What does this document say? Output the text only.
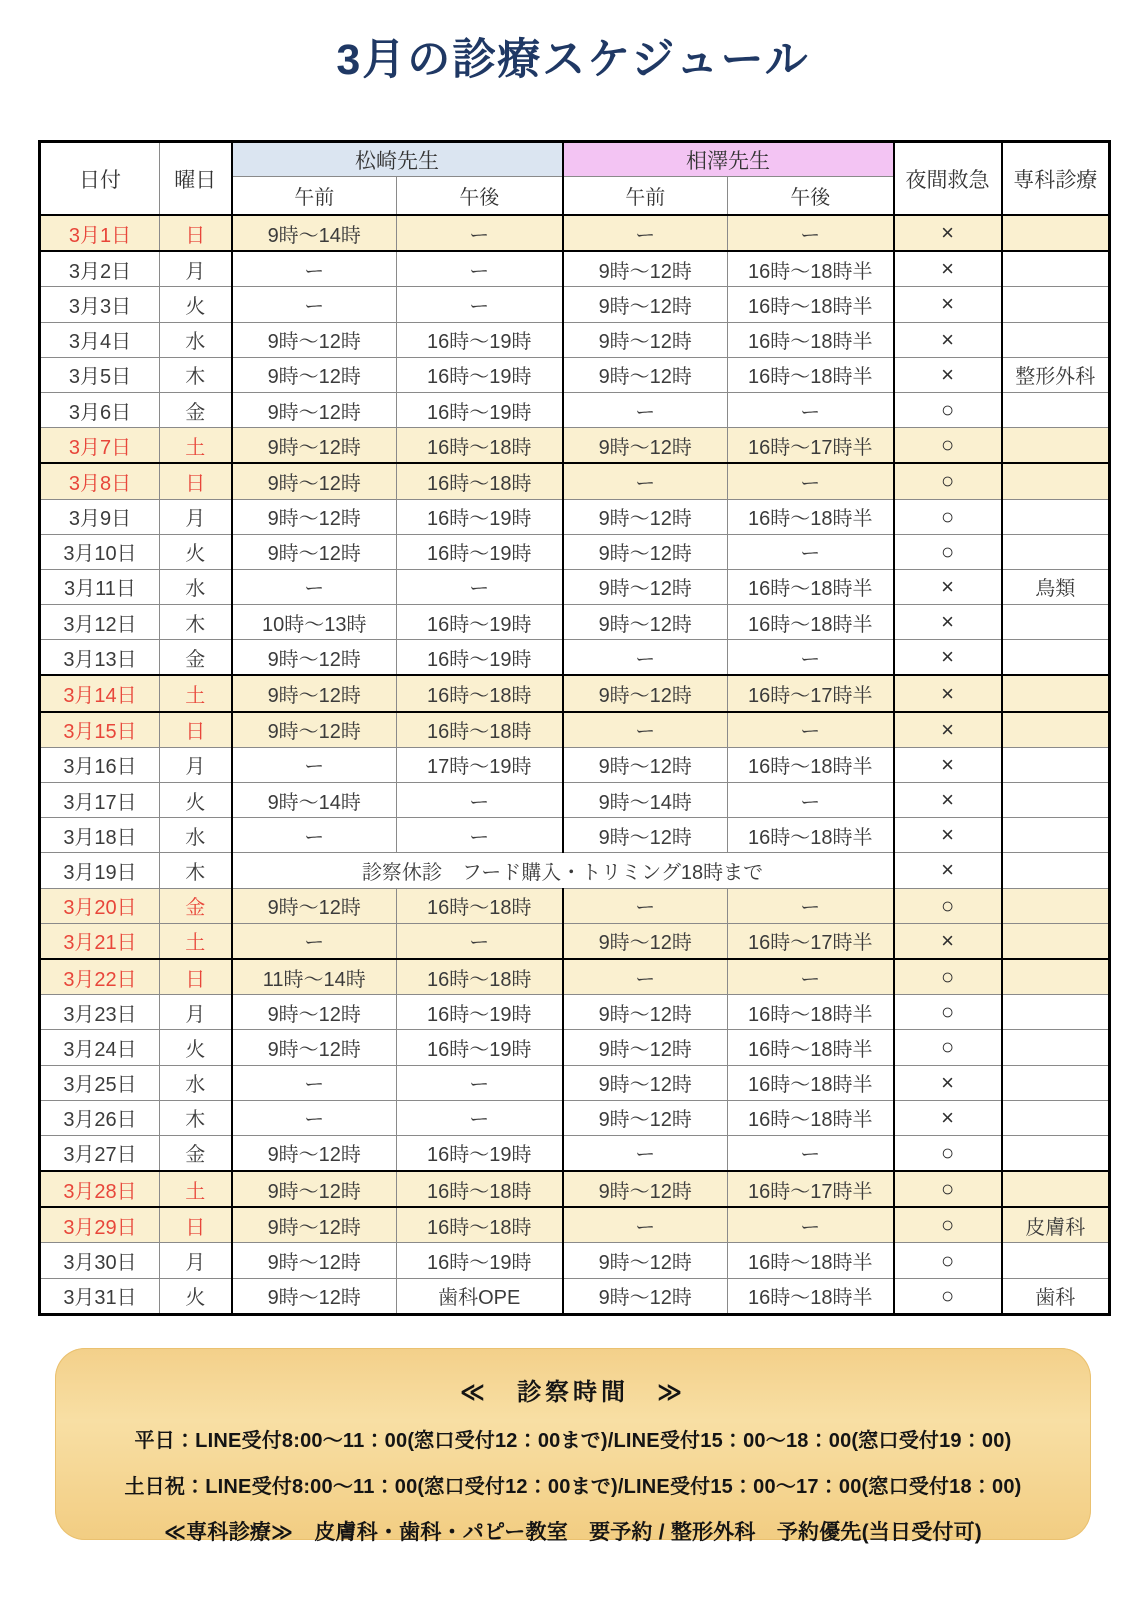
3月の診療スケジュール
日付	曜日	松崎先生		相澤先生		夜間救急	専科診療
		午前	午後	午前	午後		
3月1日	日	9時～14時	ー	ー	ー	×	
3月2日	月	ー	ー	9時～12時	16時～18時半	×	
3月3日	火	ー	ー	9時～12時	16時～18時半	×	
3月4日	水	9時～12時	16時～19時	9時～12時	16時～18時半	×	
3月5日	木	9時～12時	16時～19時	9時～12時	16時～18時半	×	整形外科
3月6日	金	9時～12時	16時～19時	ー	ー	○	
3月7日	土	9時～12時	16時～18時	9時～12時	16時～17時半	○	
3月8日	日	9時～12時	16時～18時	ー	ー	○	
3月9日	月	9時～12時	16時～19時	9時～12時	16時～18時半	○	
3月10日	火	9時～12時	16時～19時	9時～12時	ー	○	
3月11日	水	ー	ー	9時～12時	16時～18時半	×	鳥類
3月12日	木	10時～13時	16時～19時	9時～12時	16時～18時半	×	
3月13日	金	9時～12時	16時～19時	ー	ー	×	
3月14日	土	9時～12時	16時～18時	9時～12時	16時～17時半	×	
3月15日	日	9時～12時	16時～18時	ー	ー	×	
3月16日	月	ー	17時～19時	9時～12時	16時～18時半	×	
3月17日	火	9時～14時	ー	9時～14時	ー	×	
3月18日	水	ー	ー	9時～12時	16時～18時半	×	
3月19日	木	診察休診　フード購入・トリミング18時まで				×	
3月20日	金	9時～12時	16時～18時	ー	ー	○	
3月21日	土	ー	ー	9時～12時	16時～17時半	×	
3月22日	日	11時～14時	16時～18時	ー	ー	○	
3月23日	月	9時～12時	16時～19時	9時～12時	16時～18時半	○	
3月24日	火	9時～12時	16時～19時	9時～12時	16時～18時半	○	
3月25日	水	ー	ー	9時～12時	16時～18時半	×	
3月26日	木	ー	ー	9時～12時	16時～18時半	×	
3月27日	金	9時～12時	16時～19時	ー	ー	○	
3月28日	土	9時～12時	16時～18時	9時～12時	16時～17時半	○	
3月29日	日	9時～12時	16時～18時	ー	ー	○	皮膚科
3月30日	月	9時～12時	16時～19時	9時～12時	16時～18時半	○	
3月31日	火	9時～12時	歯科OPE	9時～12時	16時～18時半	○	歯科
≪　診察時間　≫
平日：LINE受付8:00～11：00(窓口受付12：00まで)/LINE受付15：00～18：00(窓口受付19：00)
土日祝：LINE受付8:00～11：00(窓口受付12：00まで)/LINE受付15：00～17：00(窓口受付18：00)
≪専科診療≫　皮膚科・歯科・パピー教室　要予約 / 整形外科　予約優先(当日受付可)
